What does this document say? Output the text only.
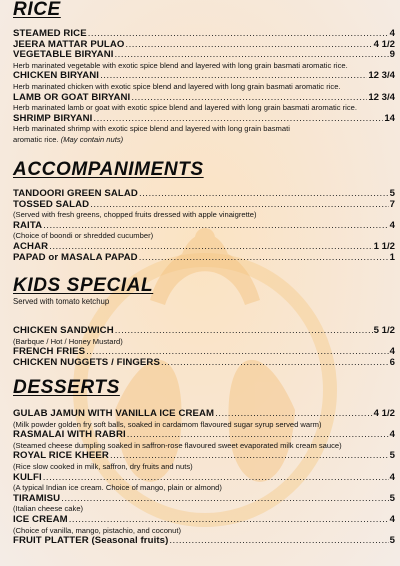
RICE
STEAMED RICE .....	4
JEERA MATTAR PULAO .....	4 1/2
VEGETABLE BIRYANI .....	9
Herb marinated vegetable with exotic spice blend and layered with long grain basmati aromatic rice.
CHICKEN BIRYANI .....	12 3/4
Herb marinated chicken with exotic spice blend and layered with long grain basmati aromatic rice.
LAMB OR GOAT BIRYANI .....	12 3/4
Herb marinated lamb or goat with exotic spice blend and layered with long grain basmati aromatic rice.
SHRIMP BIRYANI .....	14
Herb marinated shrimp with exotic spice blend and layered with long grain basmati
aromatic rice. (May contain nuts)
ACCOMPANIMENTS
TANDOORI GREEN SALAD .....	5
TOSSED SALAD .....	7
(Served with fresh greens, chopped fruits dressed with apple vinaigrette)
RAITA .....	4
(Choice of boondi or shredded cucumber)
ACHAR .....	1 1/2
PAPAD or MASALA PAPAD .....	1
KIDS SPECIAL
Served with tomato ketchup
CHICKEN SANDWICH .....	5 1/2
(Barbque / Hot / Honey Mustard)
FRENCH FRIES .....	4
CHICKEN NUGGETS / FINGERS .....	6
DESSERTS
GULAB JAMUN WITH VANILLA ICE CREAM .....	4 1/2
(Milk powder golden fry soft balls, soaked in cardamom flavoured sugar syrup served warm)
RASMALAI WITH RABRI .....	4
(Steamed cheese dumpling soaked in saffron-rose flavoured sweet evaporated milk cream sauce)
ROYAL RICE KHEER .....	5
(Rice slow cooked in milk, saffron, dry fruits and nuts)
KULFI .....	4
(A typical Indian ice cream. Choice of mango, plain or almond)
TIRAMISU .....	5
(Italian cheese cake)
ICE CREAM .....	4
(Choice of vanilla, mango, pistachio, and coconut)
FRUIT PLATTER (Seasonal fruits) .....	5
